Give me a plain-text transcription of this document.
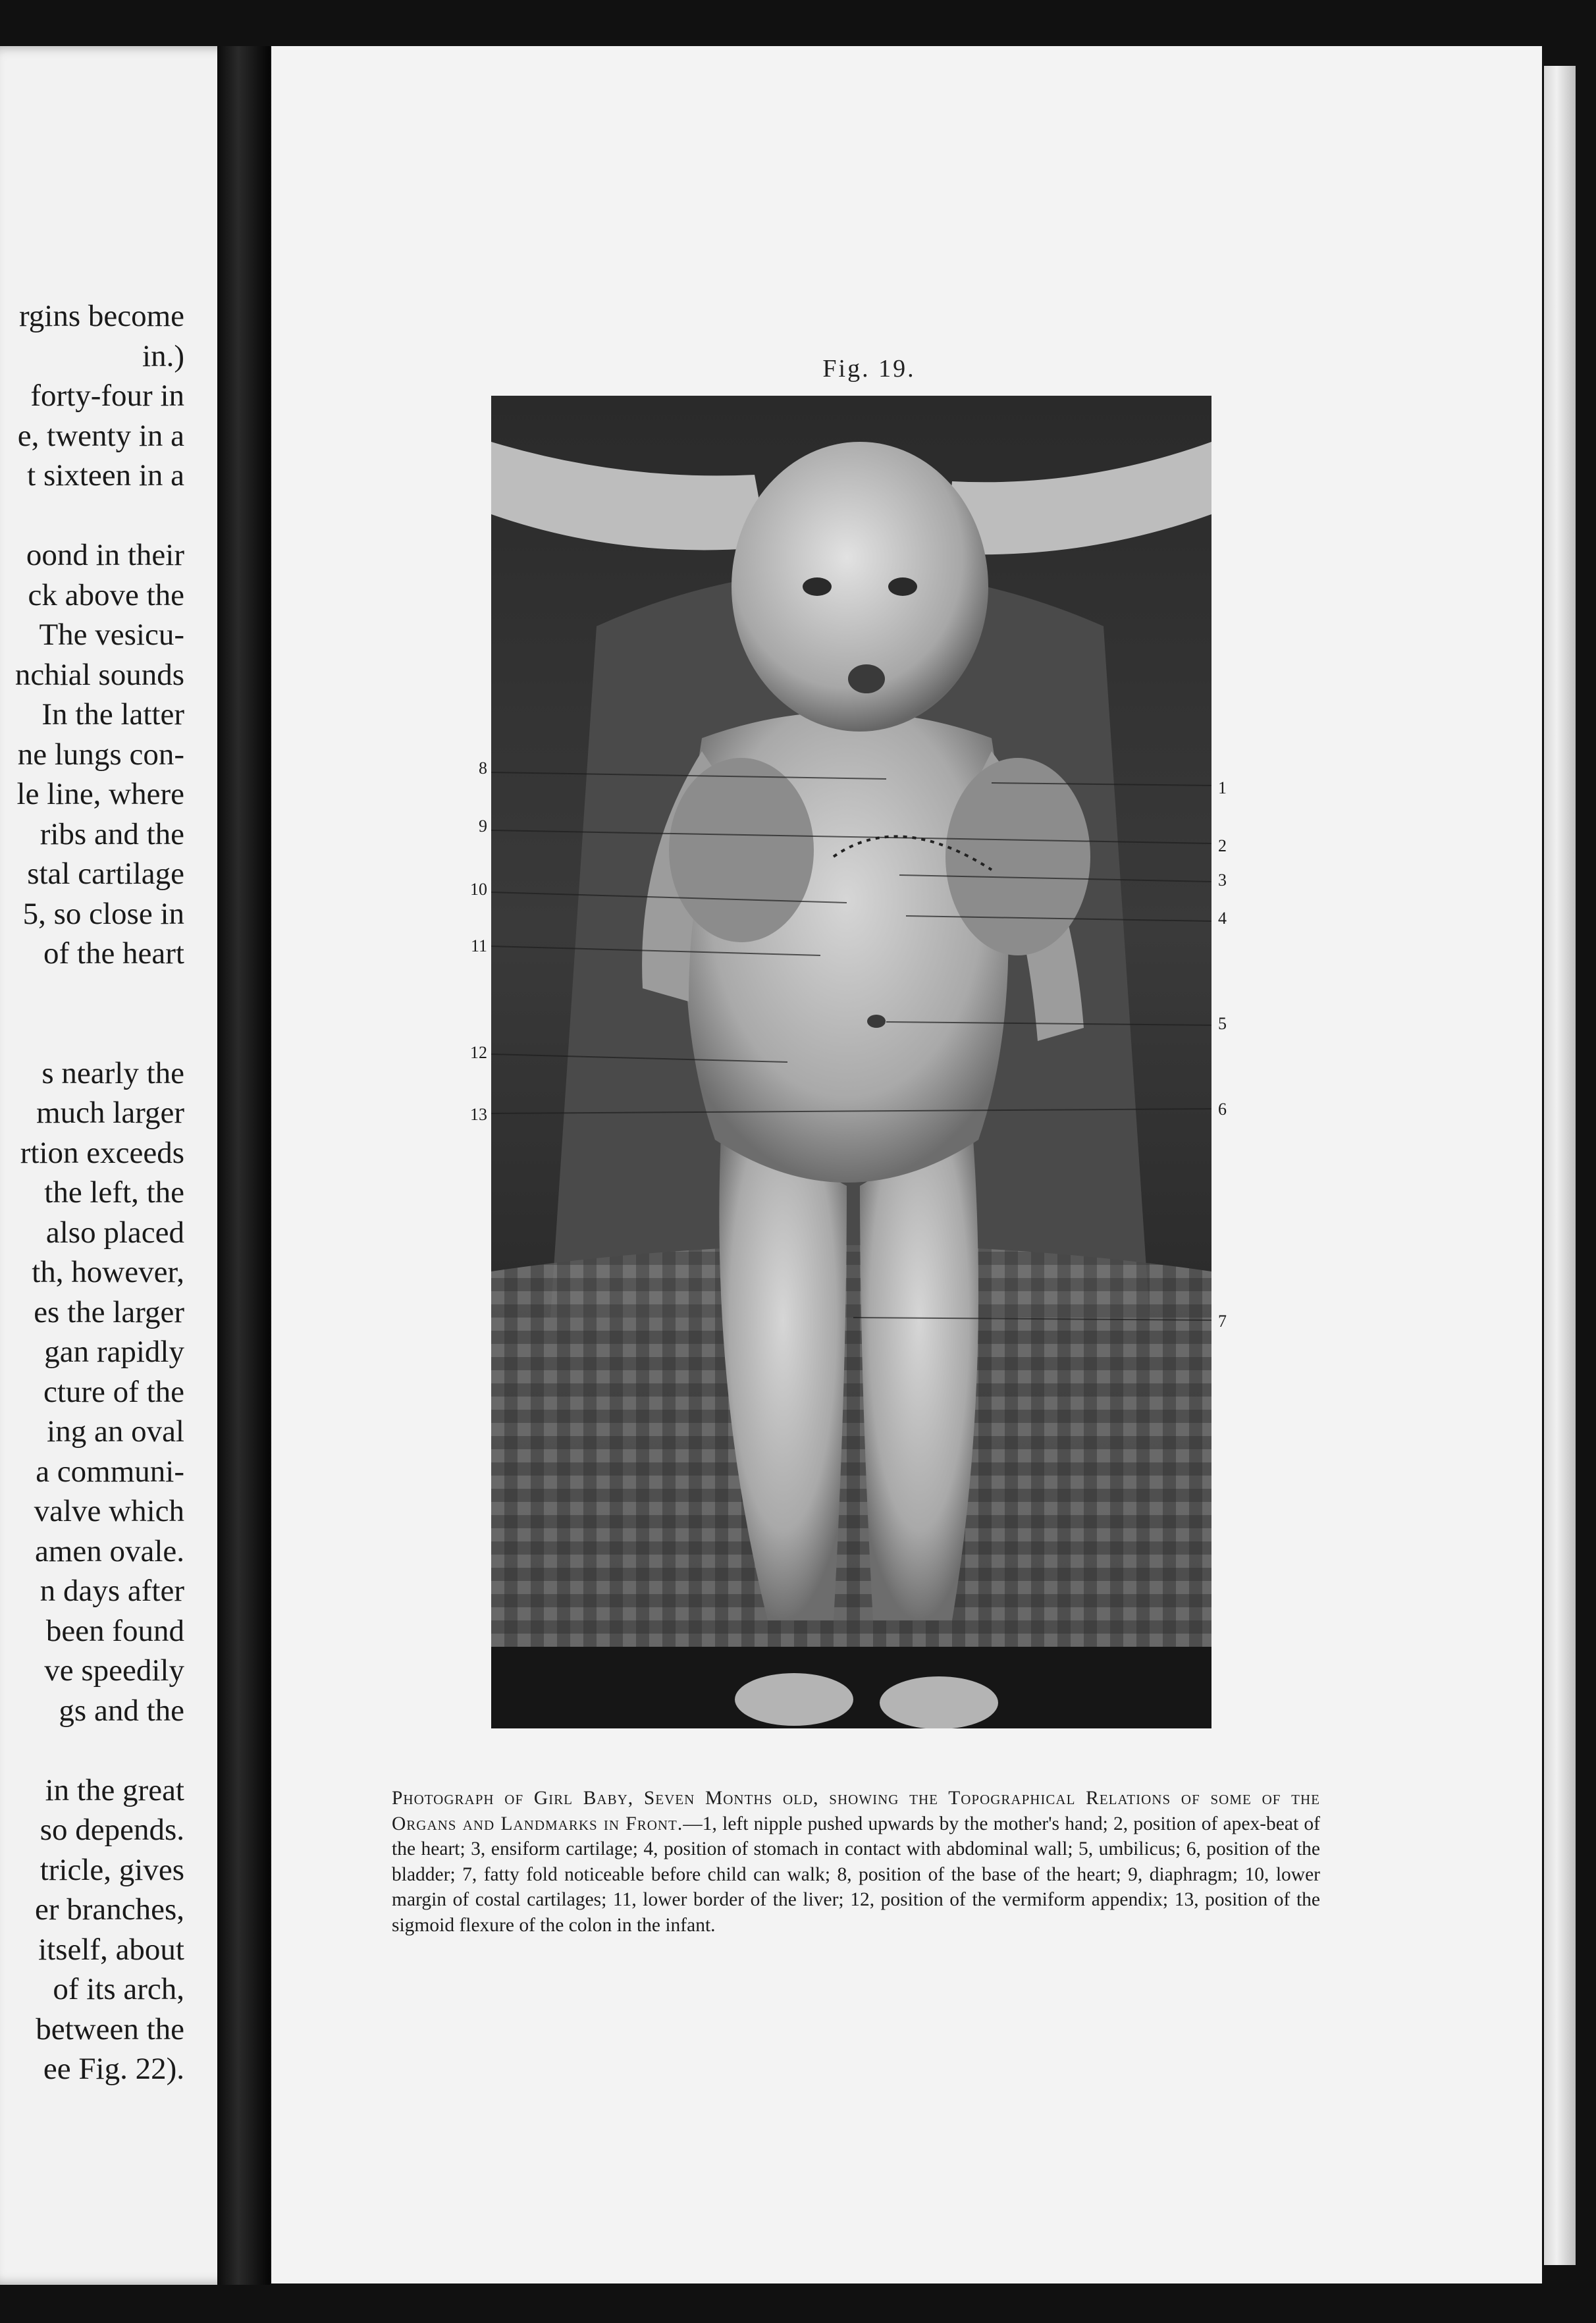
rgins become
in.)
forty-four in
e, twenty in a
t sixteen in a
oond in their
ck above the
The vesicu-
nchial sounds
In the latter
ne lungs con-
le line, where
ribs and the
stal cartilage
5, so close in
of the heart
s nearly the
much larger
rtion exceeds
the left, the
also placed
th, however,
es the larger
gan rapidly
cture of the
ing an oval
a communi-
valve which
amen ovale.
n days after
been found
ve speedily
gs and the
in the great
so depends.
tricle, gives
er branches,
itself, about
of its arch,
between the
ee Fig. 22).
Fig. 19.
8
9
10
11
12
13
1
2
3
4
5
6
7
Photograph of Girl Baby, Seven Months old, showing the Topographical Relations of some of the Organs and Landmarks in Front.—1, left nipple pushed upwards by the mother's hand; 2, position of apex-beat of the heart; 3, ensiform cartilage; 4, position of stomach in contact with abdominal wall; 5, umbilicus; 6, position of the bladder; 7, fatty fold noticeable before child can walk; 8, position of the base of the heart; 9, diaphragm; 10, lower margin of costal cartilages; 11, lower border of the liver; 12, position of the vermiform appendix; 13, position of the sigmoid flexure of the colon in the infant.
